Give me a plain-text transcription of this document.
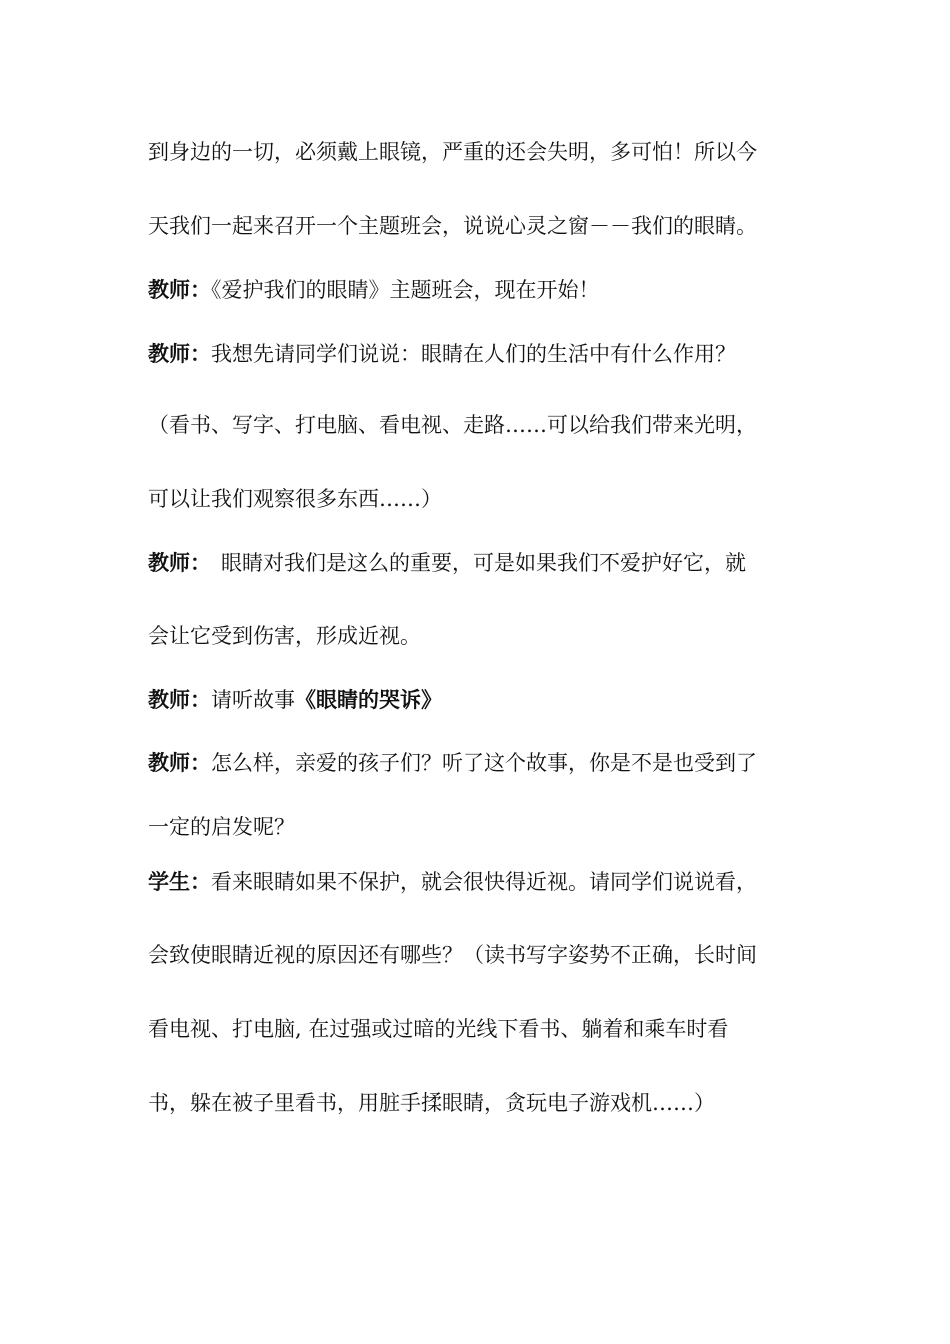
到身边的一切，必须戴上眼镜，严重的还会失明，多可怕！所以今
天我们一起来召开一个主题班会，说说心灵之窗－－我们的眼睛。
教师：《爱护我们的眼睛》主题班会，现在开始！
教师：我想先请同学们说说：眼睛在人们的生活中有什么作用？
（看书、写字、打电脑、看电视、走路……可以给我们带来光明，
可以让我们观察很多东西……）
教师： 眼睛对我们是这么的重要，可是如果我们不爱护好它，就
会让它受到伤害，形成近视。
教师：请听故事《眼睛的哭诉》
教师：怎么样，亲爱的孩子们？听了这个故事，你是不是也受到了
一定的启发呢？
学生：看来眼睛如果不保护，就会很快得近视。请同学们说说看，
会致使眼睛近视的原因还有哪些？（读书写字姿势不正确，长时间
看电视、打电脑, 在过强或过暗的光线下看书、躺着和乘车时看
书，躲在被子里看书，用脏手揉眼睛，贪玩电子游戏机……）
